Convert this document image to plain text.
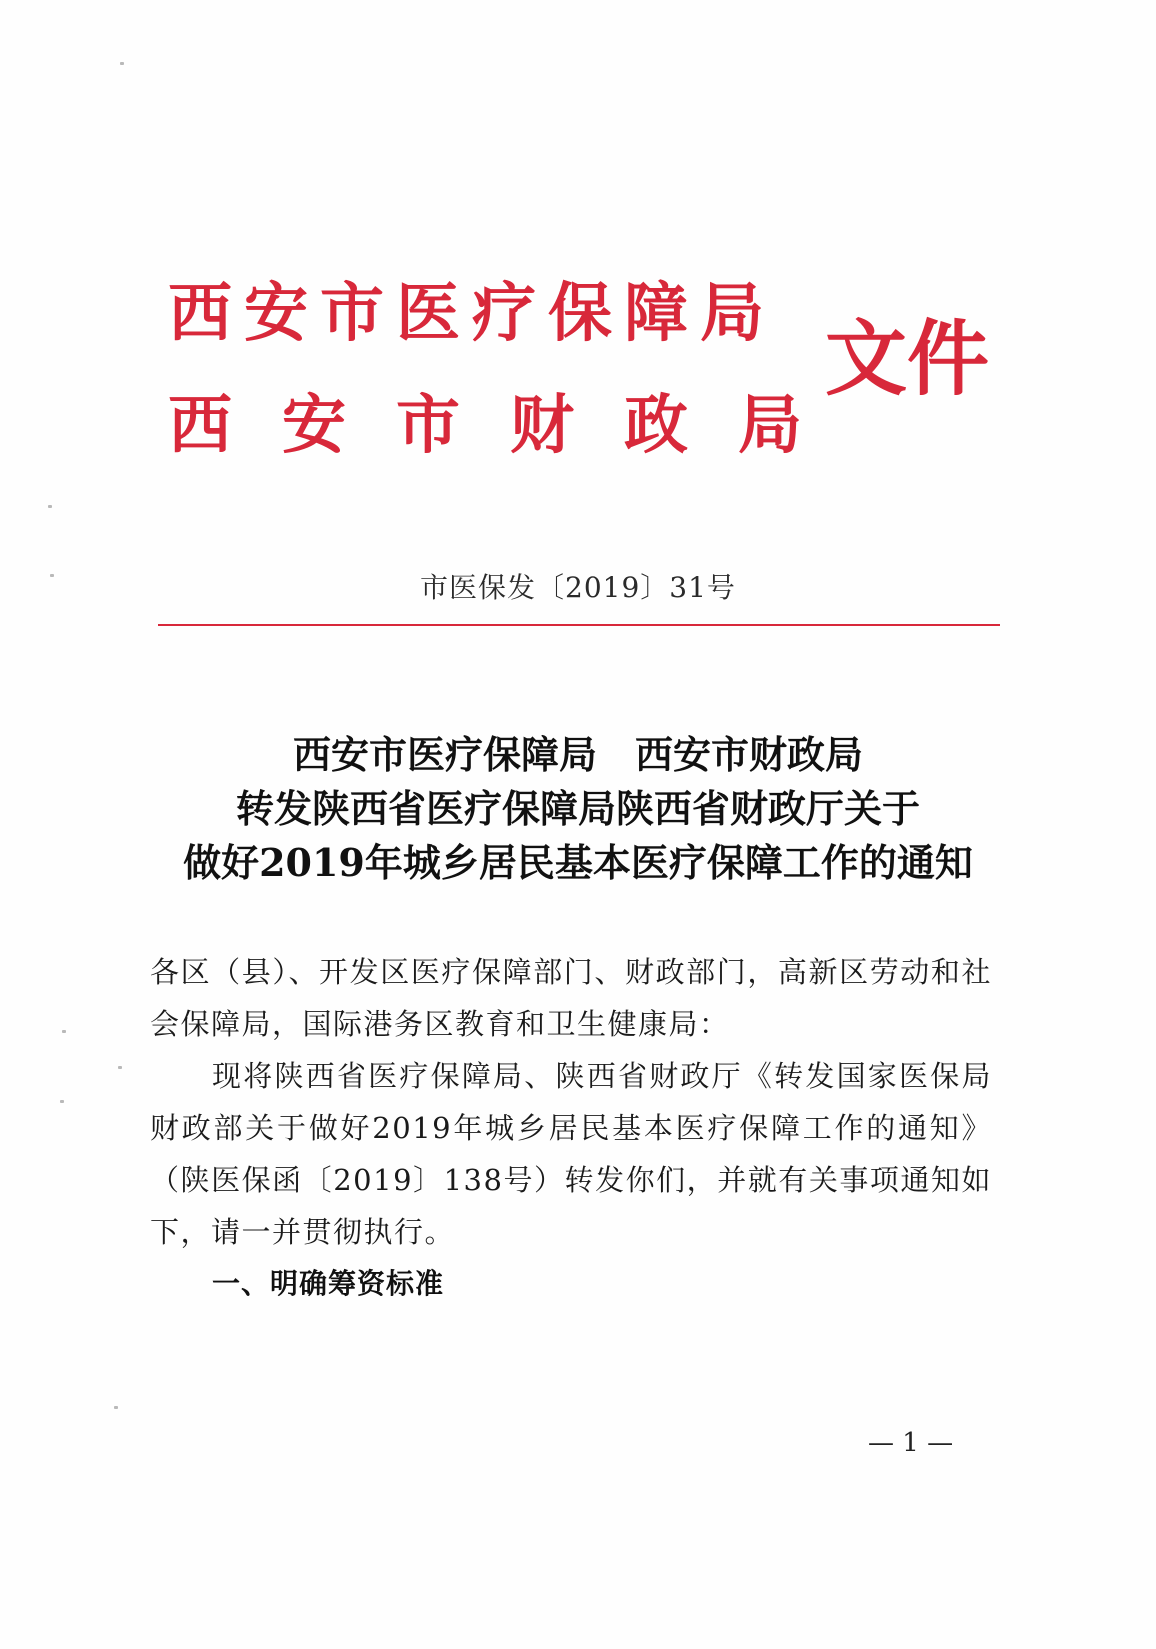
西安市医疗保障局
西安市财政局
文件
市医保发〔2019〕31号
西安市医疗保障局　西安市财政局
转发陕西省医疗保障局陕西省财政厅关于
做好2019年城乡居民基本医疗保障工作的通知

各区（县）、开发区医疗保障部门、财政部门，高新区劳动和社会保障局，国际港务区教育和卫生健康局：

现将陕西省医疗保障局、陕西省财政厅《转发国家医保局　财政部关于做好2019年城乡居民基本医疗保障工作的通知》（陕医保函〔2019〕138号）转发你们，并就有关事项通知如下，请一并贯彻执行。

一、明确筹资标准
— 1 —
